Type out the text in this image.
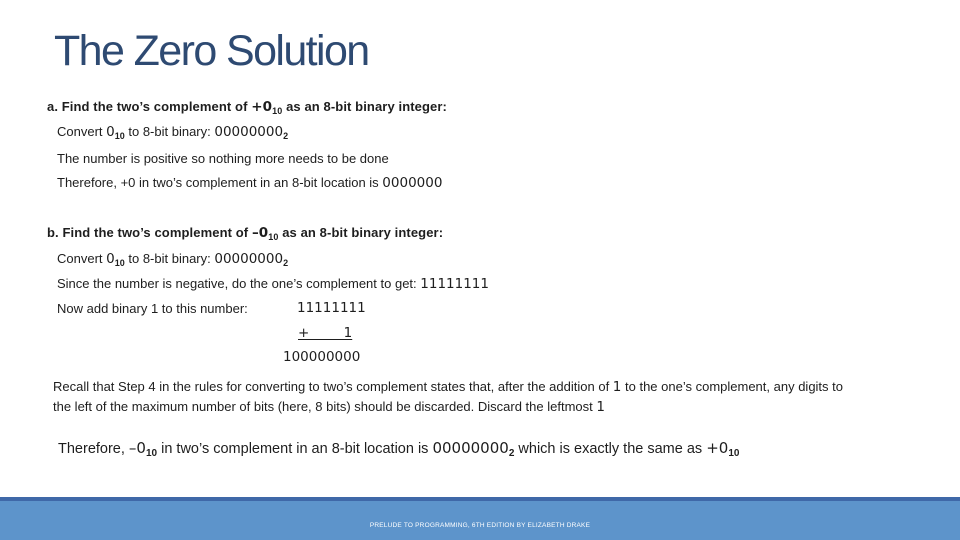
The Zero Solution
a. Find the two’s complement of $+0_{10}$ as an 8-bit binary integer:
Convert $0_{10}$ to 8-bit binary: $00000000_2$
The number is positive so nothing more needs to be done
Therefore, +0 in two’s complement in an 8-bit location is 0000000
b. Find the two’s complement of $-0_{10}$ as an 8-bit binary integer:
Convert $0_{10}$ to 8-bit binary: $00000000_2$
Since the number is negative, do the one’s complement to get: 11111111
Now add binary 1 to this number:	11111111
+        1
100000000
Recall that Step 4 in the rules for converting to two’s complement states that, after the addition of 1 to the one’s complement, any digits to the left of the maximum number of bits (here, 8 bits) should be discarded. Discard the leftmost 1
Therefore, $-0_{10}$ in two’s complement in an 8-bit location is $00000000_2$ which is exactly the same as $+0_{10}$
PRELUDE TO PROGRAMMING, 6TH EDITION BY ELIZABETH DRAKE
